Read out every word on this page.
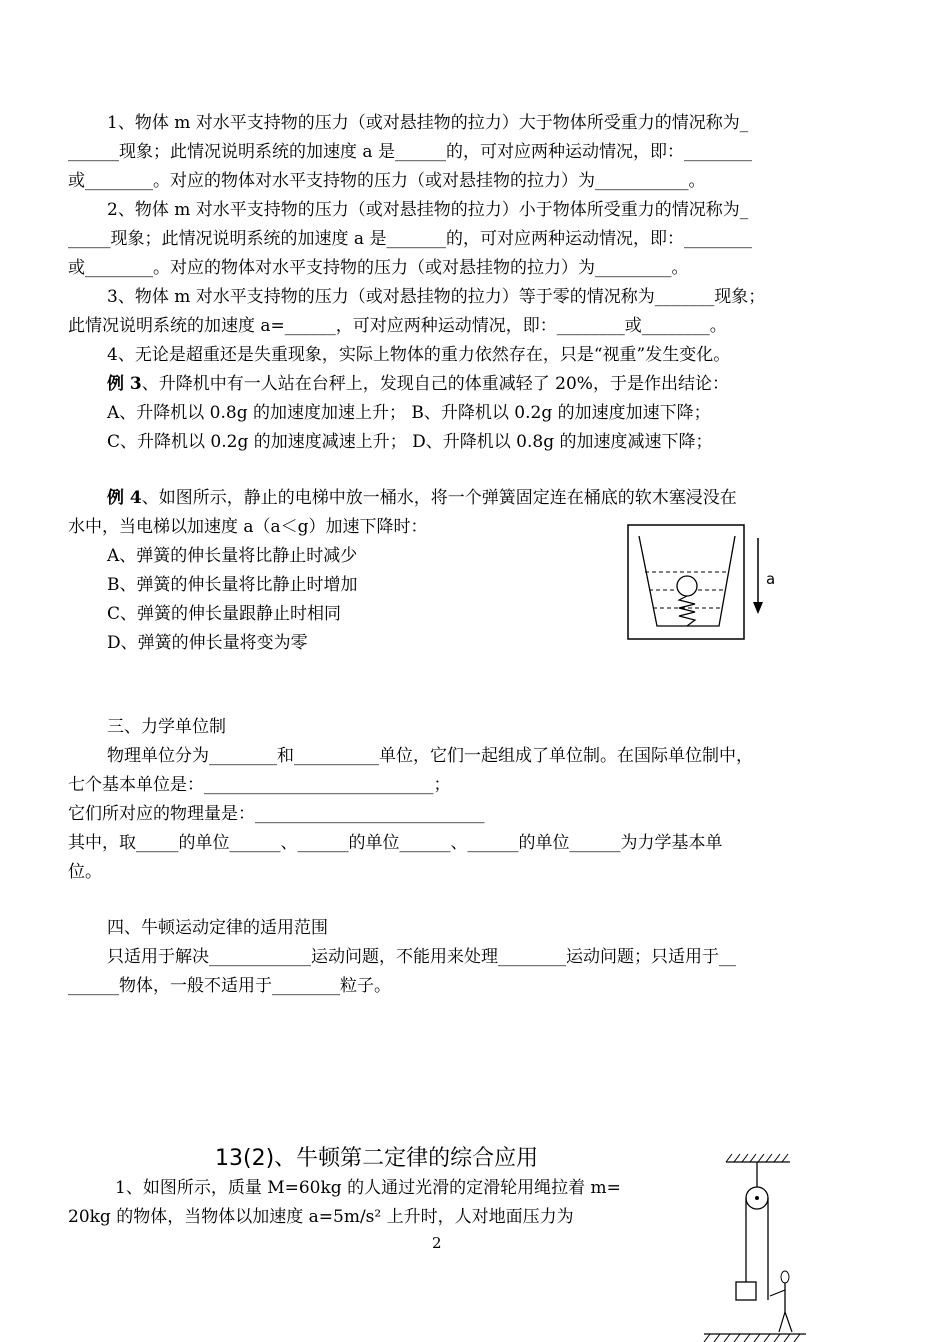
1、物体 m 对水平支持物的压力（或对悬挂物的拉力）大于物体所受重力的情况称为_
______现象；此情况说明系统的加速度 a 是______的，可对应两种运动情况，即：________
或________。对应的物体对水平支持物的压力（或对悬挂物的拉力）为___________。
2、物体 m 对水平支持物的压力（或对悬挂物的拉力）小于物体所受重力的情况称为_
_____现象；此情况说明系统的加速度 a 是_______的，可对应两种运动情况，即：________
或________。对应的物体对水平支持物的压力（或对悬挂物的拉力）为_________。
3、物体 m 对水平支持物的压力（或对悬挂物的拉力）等于零的情况称为_______现象；
此情况说明系统的加速度 a=______，可对应两种运动情况，即：________或________。
4、无论是超重还是失重现象，实际上物体的重力依然存在，只是“视重”发生变化。
例 3、升降机中有一人站在台秤上，发现自己的体重减轻了 20%，于是作出结论：
A、升降机以 0.8g 的加速度加速上升； B、升降机以 0.2g 的加速度加速下降；
C、升降机以 0.2g 的加速度减速上升； D、升降机以 0.8g 的加速度减速下降；
例 4、如图所示，静止的电梯中放一桶水，将一个弹簧固定连在桶底的软木塞浸没在
水中，当电梯以加速度 a（a＜g）加速下降时：
A、弹簧的伸长量将比静止时减少
B、弹簧的伸长量将比静止时增加
C、弹簧的伸长量跟静止时相同
D、弹簧的伸长量将变为零
三、力学单位制
物理单位分为________和__________单位，它们一起组成了单位制。在国际单位制中，
七个基本单位是：___________________________；
它们所对应的物理量是：___________________________
其中，取_____的单位______、______的单位______、______的单位______为力学基本单
位。
四、牛顿运动定律的适用范围
只适用于解决____________运动问题，不能用来处理________运动问题；只适用于__
______物体，一般不适用于________粒子。
1、如图所示，质量 M=60kg 的人通过光滑的定滑轮用绳拉着 m=
20kg 的物体，当物体以加速度 a=5m/s² 上升时，人对地面压力为
13(2)、牛顿第二定律的综合应用
2
a
